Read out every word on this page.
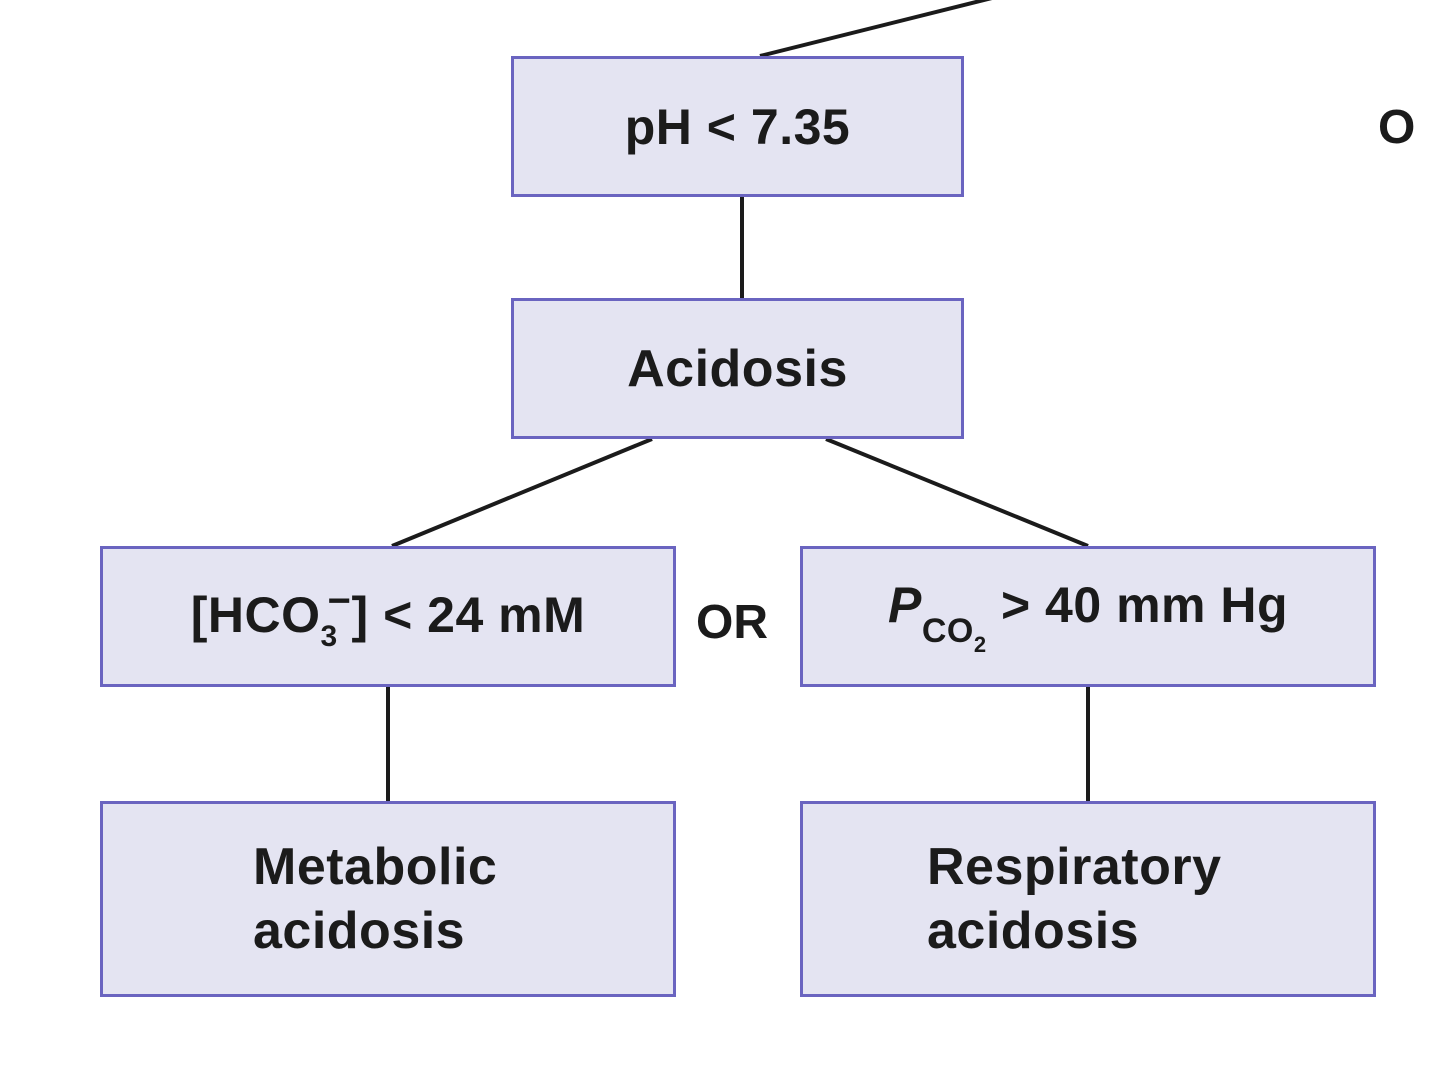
pH < 7.35
Acidosis
$[HCO_3^-] < 24$ mM OR $P_{CO_2} > 40$ mm Hg
Metabolic
acidosis
Respiratory
acidosis
O
